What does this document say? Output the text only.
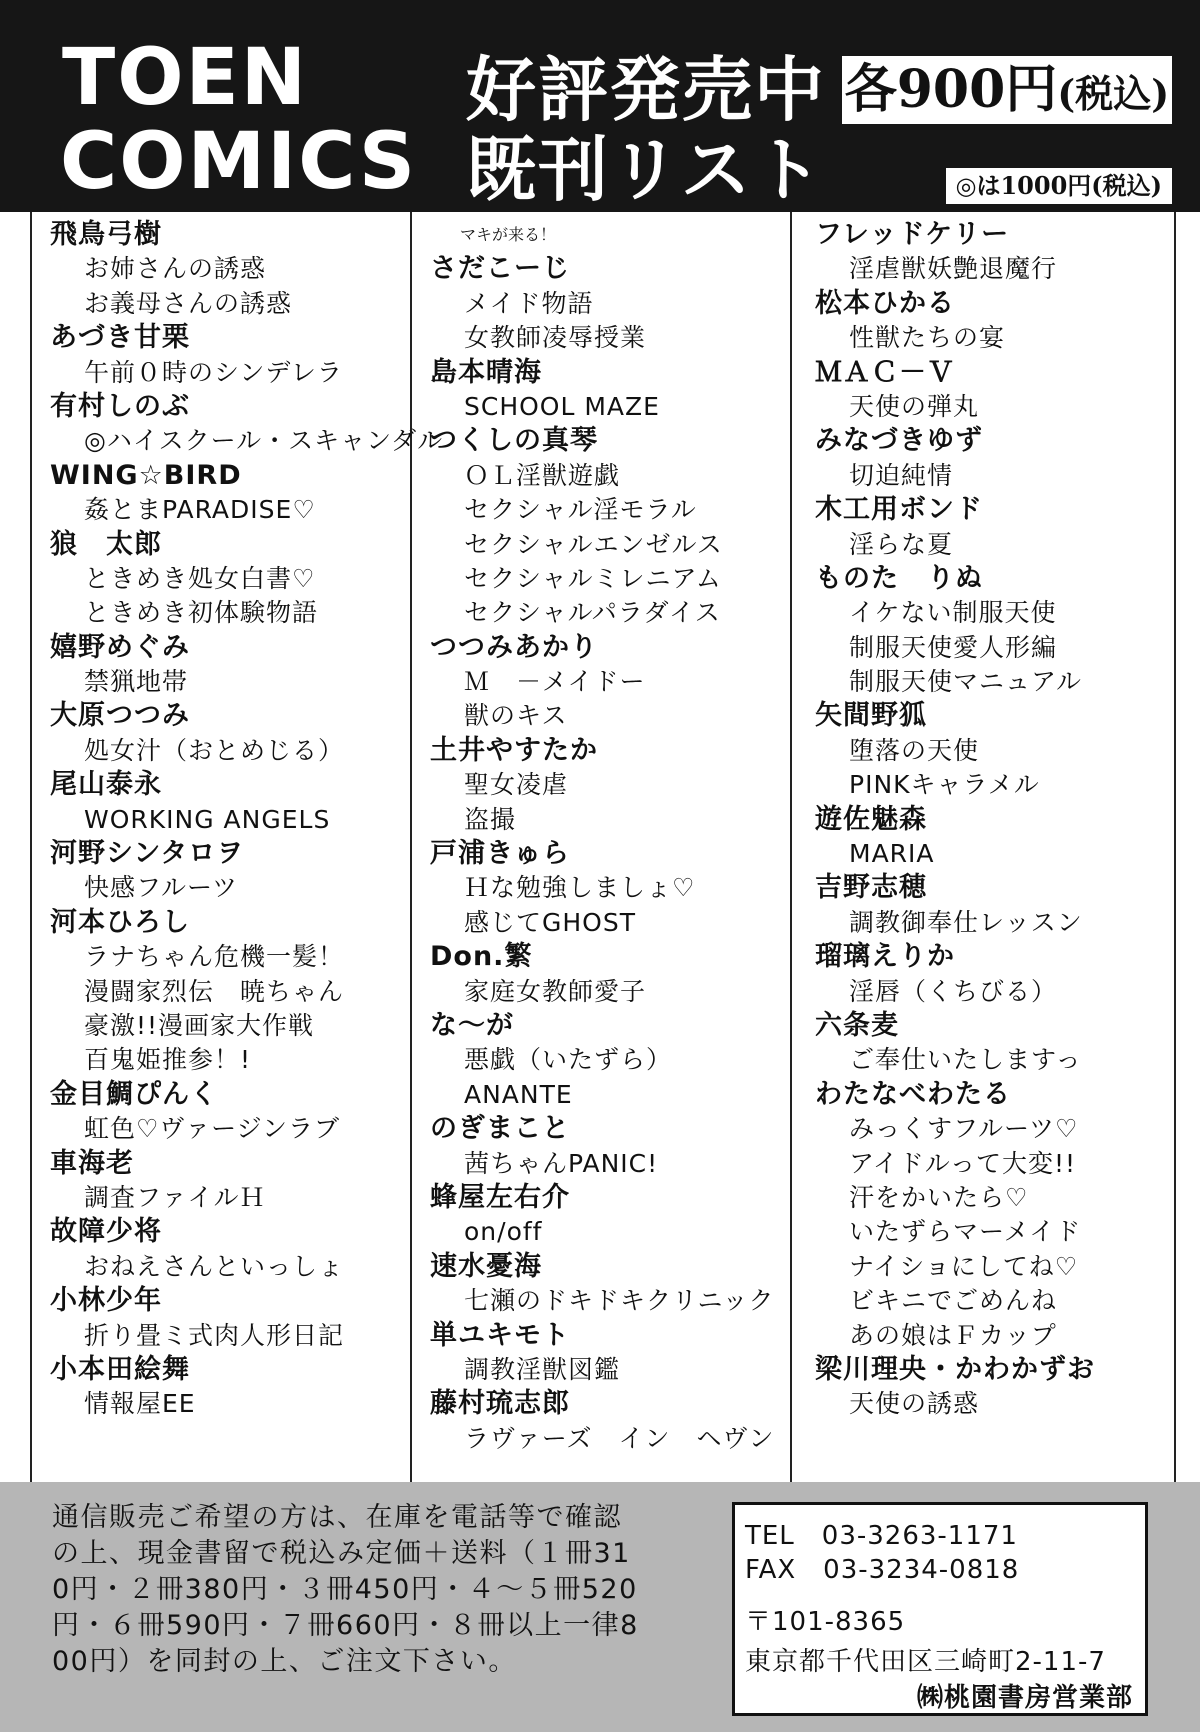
TOEN
COMICS
好評発売中
既刊リスト
各900円(税込)
◎は1000円(税込)
飛鳥弓樹
お姉さんの誘惑
お義母さんの誘惑
あづき甘栗
午前０時のシンデレラ
有村しのぶ
◎ハイスクール・スキャンダル
WING☆BIRD
姦とまPARADISE♡
狼　太郎
ときめき処女白書♡
ときめき初体験物語
嬉野めぐみ
禁猟地帯
大原つつみ
処女汁（おとめじる）
尾山泰永
WORKING ANGELS
河野シンタロヲ
快感フルーツ
河本ひろし
ラナちゃん危機一髪！
漫闘家烈伝　暁ちゃん
豪激!!漫画家大作戦
百鬼姫推参！!
金目鯛ぴんく
虹色♡ヴァージンラブ
車海老
調査ファイルＨ
故障少将
おねえさんといっしょ
小林少年
折り畳ミ式肉人形日記
小本田絵舞
情報屋EE
マキが来る！
さだこーじ
メイド物語
女教師凌辱授業
島本晴海
SCHOOL MAZE
つくしの真琴
ＯＬ淫獣遊戯
セクシャル淫モラル
セクシャルエンゼルス
セクシャルミレニアム
セクシャルパラダイス
つつみあかり
Ｍ　－メイドー
獣のキス
土井やすたか
聖女凌虐
盗撮
戸浦きゅら
Ｈな勉強しましょ♡
感じてGHOST
Don.繁
家庭女教師愛子
な～が
悪戯（いたずら）
ANANTE
のぎまこと
茜ちゃんPANIC!
蜂屋左右介
on/off
速水憂海
七瀬のドキドキクリニック
単ユキモト
調教淫獣図鑑
藤村琉志郎
ラヴァーズ　イン　ヘヴン
フレッドケリー
淫虐獣妖艶退魔行
松本ひかる
性獣たちの宴
ＭＡＣ－Ｖ
天使の弾丸
みなづきゆず
切迫純情
木工用ボンド
淫らな夏
ものた　りぬ
イケない制服天使
制服天使愛人形編
制服天使マニュアル
矢間野狐
堕落の天使
PINKキャラメル
遊佐魅森
MARIA
吉野志穂
調教御奉仕レッスン
瑠璃えりか
淫唇（くちびる）
六条麦
ご奉仕いたしますっ
わたなべわたる
みっくすフルーツ♡
アイドルって大変!!
汗をかいたら♡
いたずらマーメイド
ナイショにしてね♡
ビキニでごめんね
あの娘はＦカップ
梁川理央・かわかずお
天使の誘惑
通信販売ご希望の方は、在庫を電話等で確認
の上、現金書留で税込み定価＋送料（１冊31
0円・２冊380円・３冊450円・４～５冊520
円・６冊590円・７冊660円・８冊以上一律8
00円）を同封の上、ご注文下さい。
TEL　03-3263-1171
FAX　03-3234-0818
〒101-8365
東京都千代田区三崎町2-11-7
㈱桃園書房営業部
